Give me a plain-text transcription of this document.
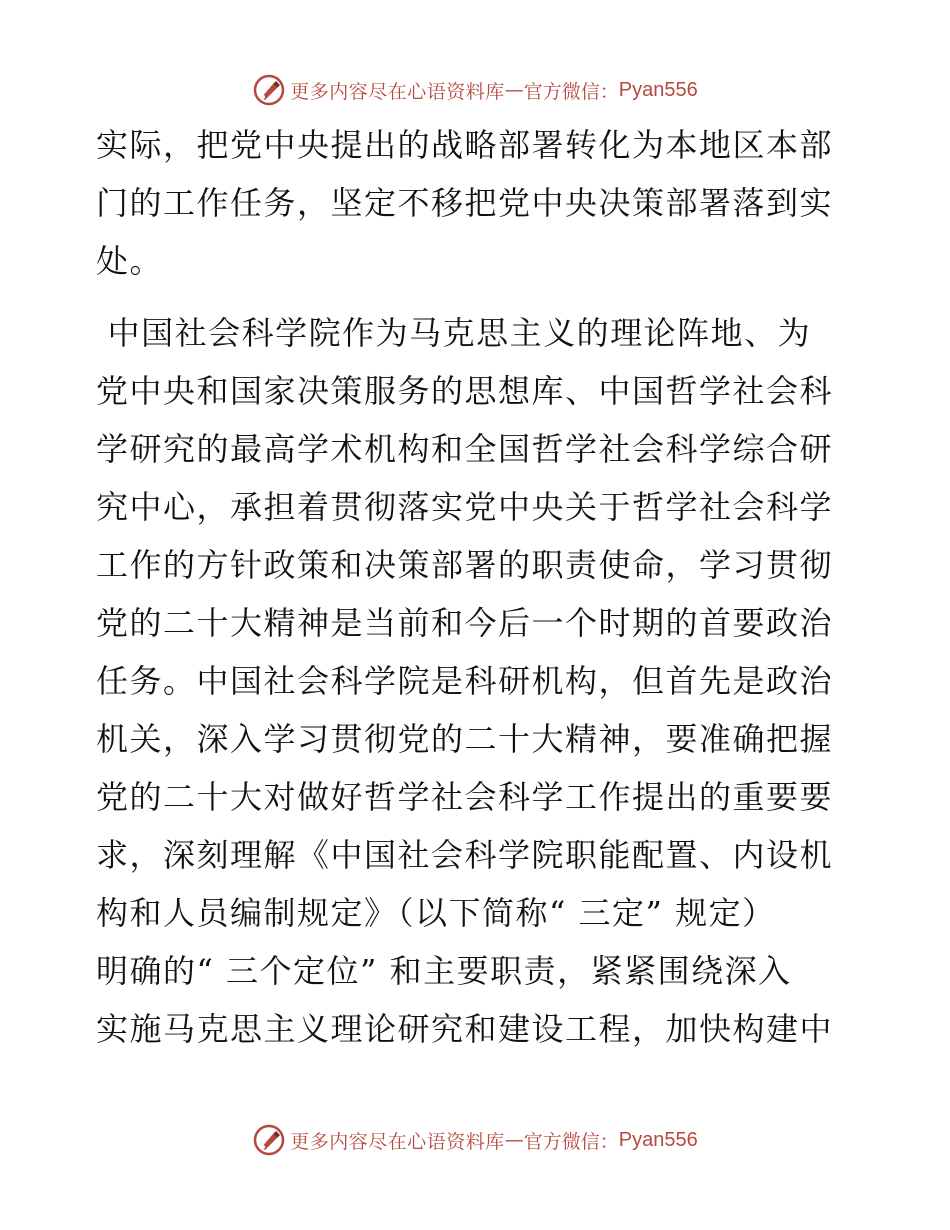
更多内容尽在心语资料库 — 官方微信： Pyan556
实际，把党中央提出的战略部署转化为本地区本部
门的工作任务，坚定不移把党中央决策部署落到实
处。
中国社会科学院作为马克思主义的理论阵地、为
党中央和国家决策服务的思想库、中国哲学社会科
学研究的最高学术机构和全国哲学社会科学综合研
究中心，承担着贯彻落实党中央关于哲学社会科学
工作的方针政策和决策部署的职责使命，学习贯彻
党的二十大精神是当前和今后一个时期的首要政治
任务。中国社会科学院是科研机构，但首先是政治
机关，深入学习贯彻党的二十大精神，要准确把握
党的二十大对做好哲学社会科学工作提出的重要要
求，深刻理解《中国社会科学院职能配置、内设机
构和人员编制规定》（以下简称“ 三定” 规定）
明确的“ 三个定位” 和主要职责，紧紧围绕深入
实施马克思主义理论研究和建设工程，加快构建中
更多内容尽在心语资料库 — 官方微信： Pyan556
